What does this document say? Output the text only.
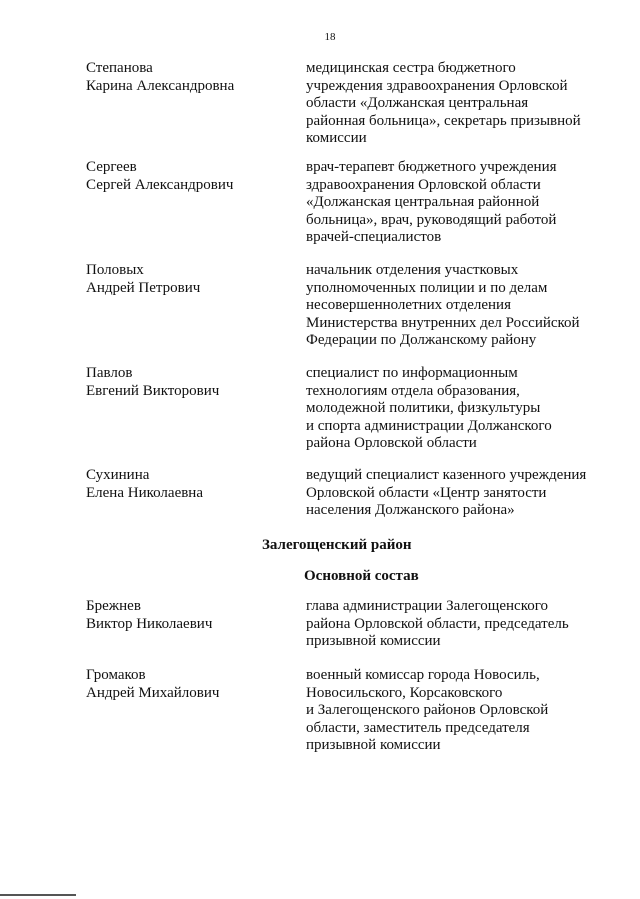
18
Степанова
Карина Александровна
медицинская сестра бюджетного
учреждения здравоохранения Орловской
области «Должанская центральная
районная больница», секретарь призывной
комиссии
Сергеев
Сергей Александрович
врач-терапевт бюджетного учреждения
здравоохранения Орловской области
«Должанская центральная районной
больница», врач, руководящий работой
врачей-специалистов
Половых
Андрей Петрович
начальник отделения участковых
уполномоченных полиции и по делам
несовершеннолетних отделения
Министерства внутренних дел Российской
Федерации по Должанскому району
Павлов
Евгений Викторович
специалист по информационным
технологиям отдела образования,
молодежной политики, физкультуры
и спорта администрации Должанского
района Орловской области
Сухинина
Елена Николаевна
ведущий специалист казенного учреждения
Орловской области «Центр занятости
населения Должанского района»
Залегощенский район
Основной состав
Брежнев
Виктор Николаевич
глава администрации Залегощенского
района Орловской области, председатель
призывной комиссии
Громаков
Андрей Михайлович
военный комиссар города Новосиль,
Новосильского, Корсаковского
и Залегощенского районов Орловской
области, заместитель председателя
призывной комиссии
